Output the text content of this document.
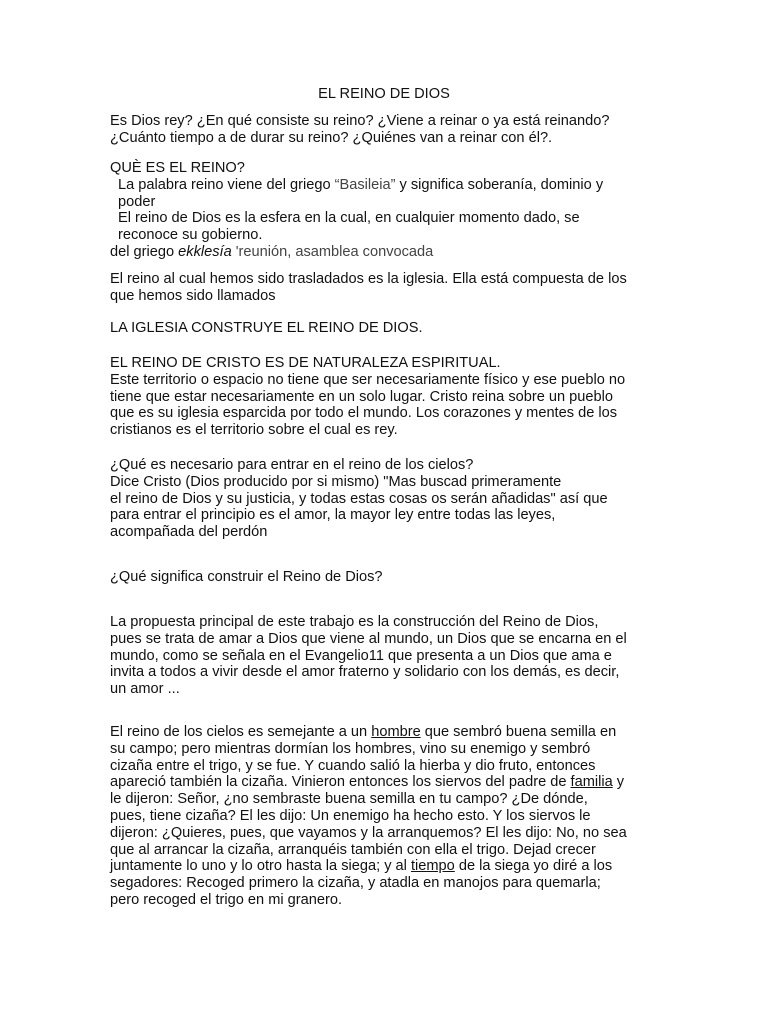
EL REINO DE DIOS
Es Dios rey? ¿En qué consiste su reino? ¿Viene a reinar o ya está reinando?
¿Cuánto tiempo a de durar su reino? ¿Quiénes van a reinar con él?.
QUÈ ES EL REINO?
La palabra reino viene del griego “Basileia” y significa soberanía, dominio y
poder
El reino de Dios es la esfera en la cual, en cualquier momento dado, se
reconoce su gobierno.
del griego ekklesía 'reunión, asamblea convocada
El reino al cual hemos sido trasladados es la iglesia. Ella está compuesta de los
que hemos sido llamados
LA IGLESIA CONSTRUYE EL REINO DE DIOS.
EL REINO DE CRISTO ES DE NATURALEZA ESPIRITUAL.
Este territorio o espacio no tiene que ser necesariamente físico y ese pueblo no
tiene que estar necesariamente en un solo lugar. Cristo reina sobre un pueblo
que es su iglesia esparcida por todo el mundo. Los corazones y mentes de los
cristianos es el territorio sobre el cual es rey.
¿Qué es necesario para entrar en el reino de los cielos?
Dice Cristo (Dios producido por si mismo) "Mas buscad primeramente
el reino de Dios y su justicia, y todas estas cosas os serán añadidas" así que
para entrar el principio es el amor, la mayor ley entre todas las leyes,
acompañada del perdón
¿Qué significa construir el Reino de Dios?
La propuesta principal de este trabajo es la construcción del Reino de Dios,
pues se trata de amar a Dios que viene al mundo, un Dios que se encarna en el
mundo, como se señala en el Evangelio11 que presenta a un Dios que ama e
invita a todos a vivir desde el amor fraterno y solidario con los demás, es decir,
un amor ...
El reino de los cielos es semejante a un hombre que sembró buena semilla en
su campo; pero mientras dormían los hombres, vino su enemigo y sembró
cizaña entre el trigo, y se fue. Y cuando salió la hierba y dio fruto, entonces
apareció también la cizaña. Vinieron entonces los siervos del padre de familia y
le dijeron: Señor, ¿no sembraste buena semilla en tu campo? ¿De dónde,
pues, tiene cizaña? El les dijo: Un enemigo ha hecho esto. Y los siervos le
dijeron: ¿Quieres, pues, que vayamos y la arranquemos? El les dijo: No, no sea
que al arrancar la cizaña, arranquéis también con ella el trigo. Dejad crecer
juntamente lo uno y lo otro hasta la siega; y al tiempo de la siega yo diré a los
segadores: Recoged primero la cizaña, y atadla en manojos para quemarla;
pero recoged el trigo en mi granero.
